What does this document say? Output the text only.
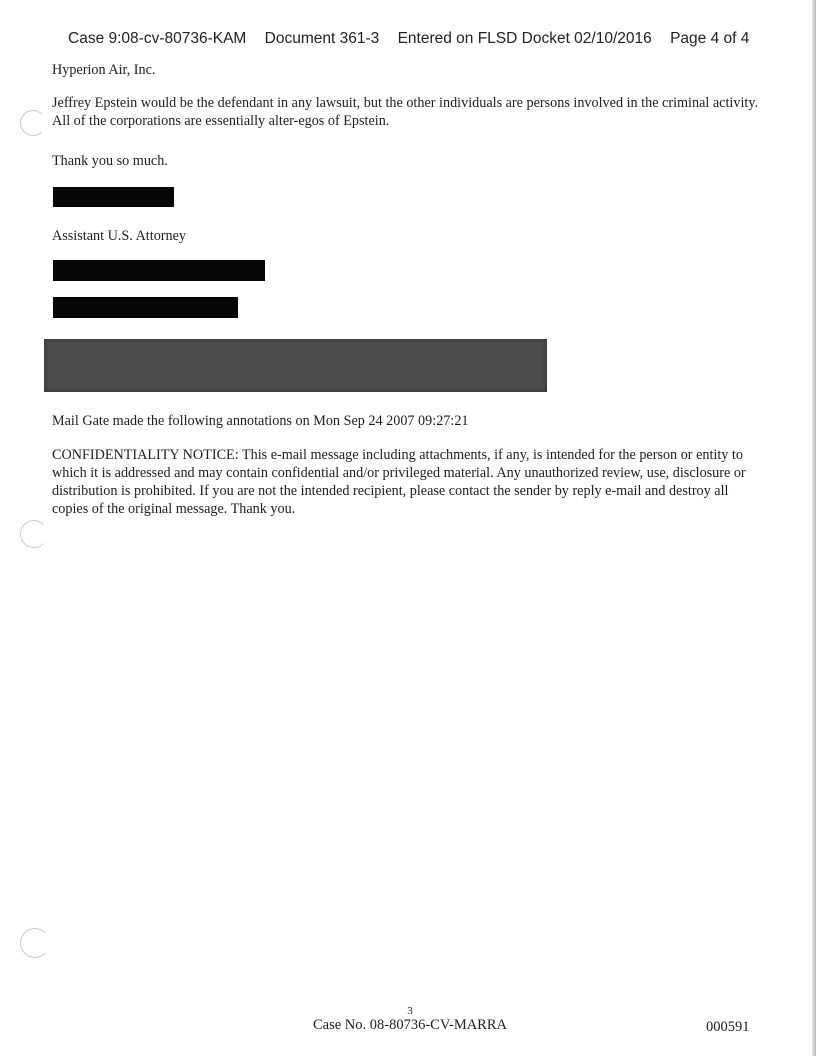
Case 9:08-cv-80736-KAM Document 361-3 Entered on FLSD Docket 02/10/2016 Page 4 of 4
Hyperion Air, Inc.
Jeffrey Epstein would be the defendant in any lawsuit, but the other individuals are persons involved in the criminal activity. All of the corporations are essentially alter-egos of Epstein.
Thank you so much.
Assistant U.S. Attorney
Mail Gate made the following annotations on Mon Sep 24 2007 09:27:21
CONFIDENTIALITY NOTICE: This e-mail message including attachments, if any, is intended for the person or entity to which it is addressed and may contain confidential and/or privileged material. Any unauthorized review, use, disclosure or distribution is prohibited. If you are not the intended recipient, please contact the sender by reply e-mail and destroy all copies of the original message. Thank you.
3
Case No. 08-80736-CV-MARRA	000591
